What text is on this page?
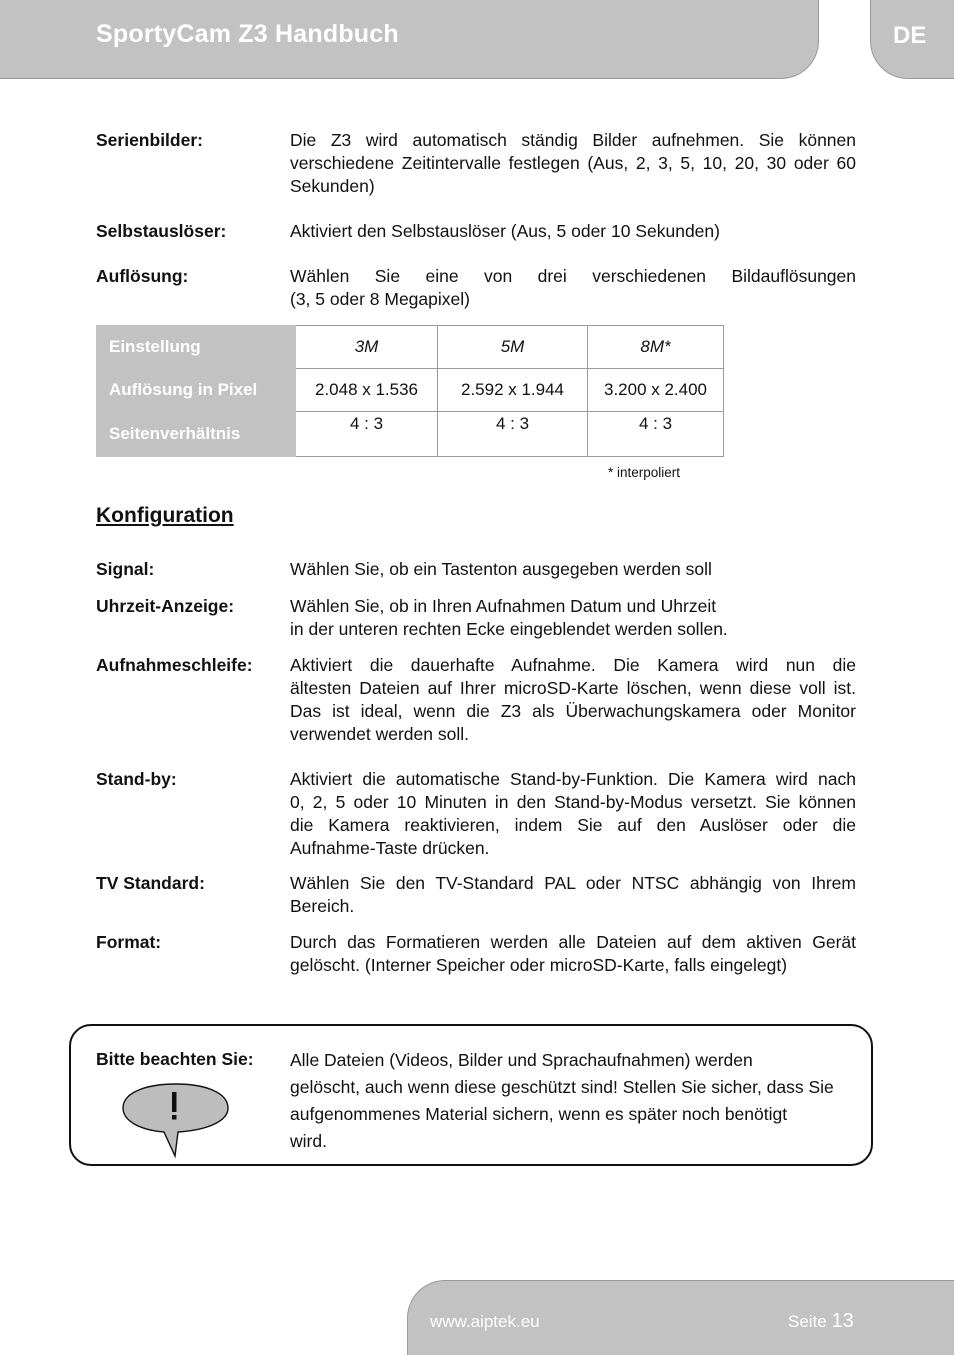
SportyCam Z3 Handbuch	DE
Serienbilder:	Die Z3 wird automatisch ständig Bilder aufnehmen. Sie können
verschiedene Zeitintervalle festlegen (Aus, 2, 3, 5, 10, 20, 30 oder 60
Sekunden)
Selbstauslöser:	Aktiviert den Selbstauslöser (Aus, 5 oder 10 Sekunden)
Auflösung:	Wählen Sie eine von drei verschiedenen Bildauflösungen
(3, 5 oder 8 Megapixel)
Einstellung	3M	5M	8M*
Auflösung in Pixel	2.048 x 1.536	2.592 x 1.944	3.200 x 2.400
Seitenverhältnis	4 : 3	4 : 3	4 : 3
* interpoliert
Konfiguration
Signal:	Wählen Sie, ob ein Tastenton ausgegeben werden soll
Uhrzeit-Anzeige:	Wählen Sie, ob in Ihren Aufnahmen Datum und Uhrzeit
in der unteren rechten Ecke eingeblendet werden sollen.
Aufnahmeschleife:	Aktiviert die dauerhafte Aufnahme. Die Kamera wird nun die
ältesten Dateien auf Ihrer microSD-Karte löschen, wenn diese voll ist.
Das ist ideal, wenn die Z3 als Überwachungskamera oder Monitor
verwendet werden soll.
Stand-by:	Aktiviert die automatische Stand-by-Funktion. Die Kamera wird nach
0, 2, 5 oder 10 Minuten in den Stand-by-Modus versetzt. Sie können
die Kamera reaktivieren, indem Sie auf den Auslöser oder die
Aufnahme-Taste drücken.
TV Standard:	Wählen Sie den TV-Standard PAL oder NTSC abhängig von Ihrem
Bereich.
Format:	Durch das Formatieren werden alle Dateien auf dem aktiven Gerät
gelöscht. (Interner Speicher oder microSD-Karte, falls eingelegt)
Bitte beachten Sie: Alle Dateien (Videos, Bilder und Sprachaufnahmen) werden
gelöscht, auch wenn diese geschützt sind! Stellen Sie sicher, dass Sie
aufgenommenes Material sichern, wenn es später noch benötigt
wird.
www.aiptek.eu	Seite 13
